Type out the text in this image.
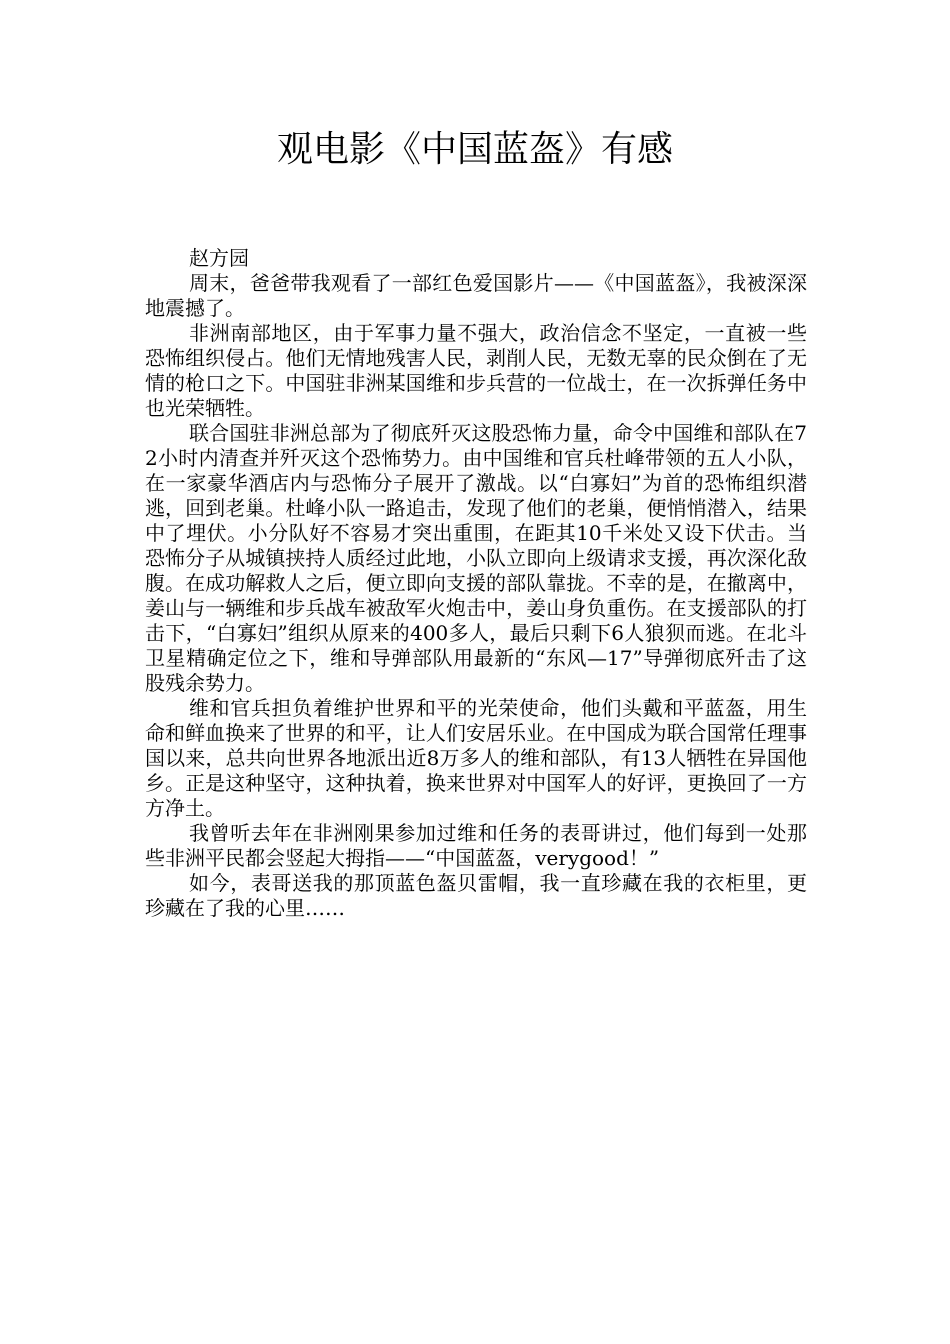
观电影《中国蓝盔》有感

赵方园

周末，爸爸带我观看了一部红色爱国影片——《中国蓝盔》，我被深深地震撼了。

非洲南部地区，由于军事力量不强大，政治信念不坚定，一直被一些恐怖组织侵占。他们无情地残害人民，剥削人民，无数无辜的民众倒在了无情的枪口之下。中国驻非洲某国维和步兵营的一位战士，在一次拆弹任务中也光荣牺牲。

联合国驻非洲总部为了彻底歼灭这股恐怖力量，命令中国维和部队在72小时内清查并歼灭这个恐怖势力。由中国维和官兵杜峰带领的五人小队，在一家豪华酒店内与恐怖分子展开了激战。以“白寡妇”为首的恐怖组织潜逃，回到老巢。杜峰小队一路追击，发现了他们的老巢，便悄悄潜入，结果中了埋伏。小分队好不容易才突出重围，在距其10千米处又设下伏击。当恐怖分子从城镇挟持人质经过此地，小队立即向上级请求支援，再次深化敌腹。在成功解救人之后，便立即向支援的部队靠拢。不幸的是，在撤离中，姜山与一辆维和步兵战车被敌军火炮击中，姜山身负重伤。在支援部队的打击下，“白寡妇”组织从原来的400多人，最后只剩下6人狼狈而逃。在北斗卫星精确定位之下，维和导弹部队用最新的“东风—17”导弹彻底歼击了这股残余势力。

维和官兵担负着维护世界和平的光荣使命，他们头戴和平蓝盔，用生命和鲜血换来了世界的和平，让人们安居乐业。在中国成为联合国常任理事国以来，总共向世界各地派出近8万多人的维和部队，有13人牺牲在异国他乡。正是这种坚守，这种执着，换来世界对中国军人的好评，更换回了一方方净土。

我曾听去年在非洲刚果参加过维和任务的表哥讲过，他们每到一处那些非洲平民都会竖起大拇指——“中国蓝盔，verygood！”

如今，表哥送我的那顶蓝色盔贝雷帽，我一直珍藏在我的衣柜里，更珍藏在了我的心里……
